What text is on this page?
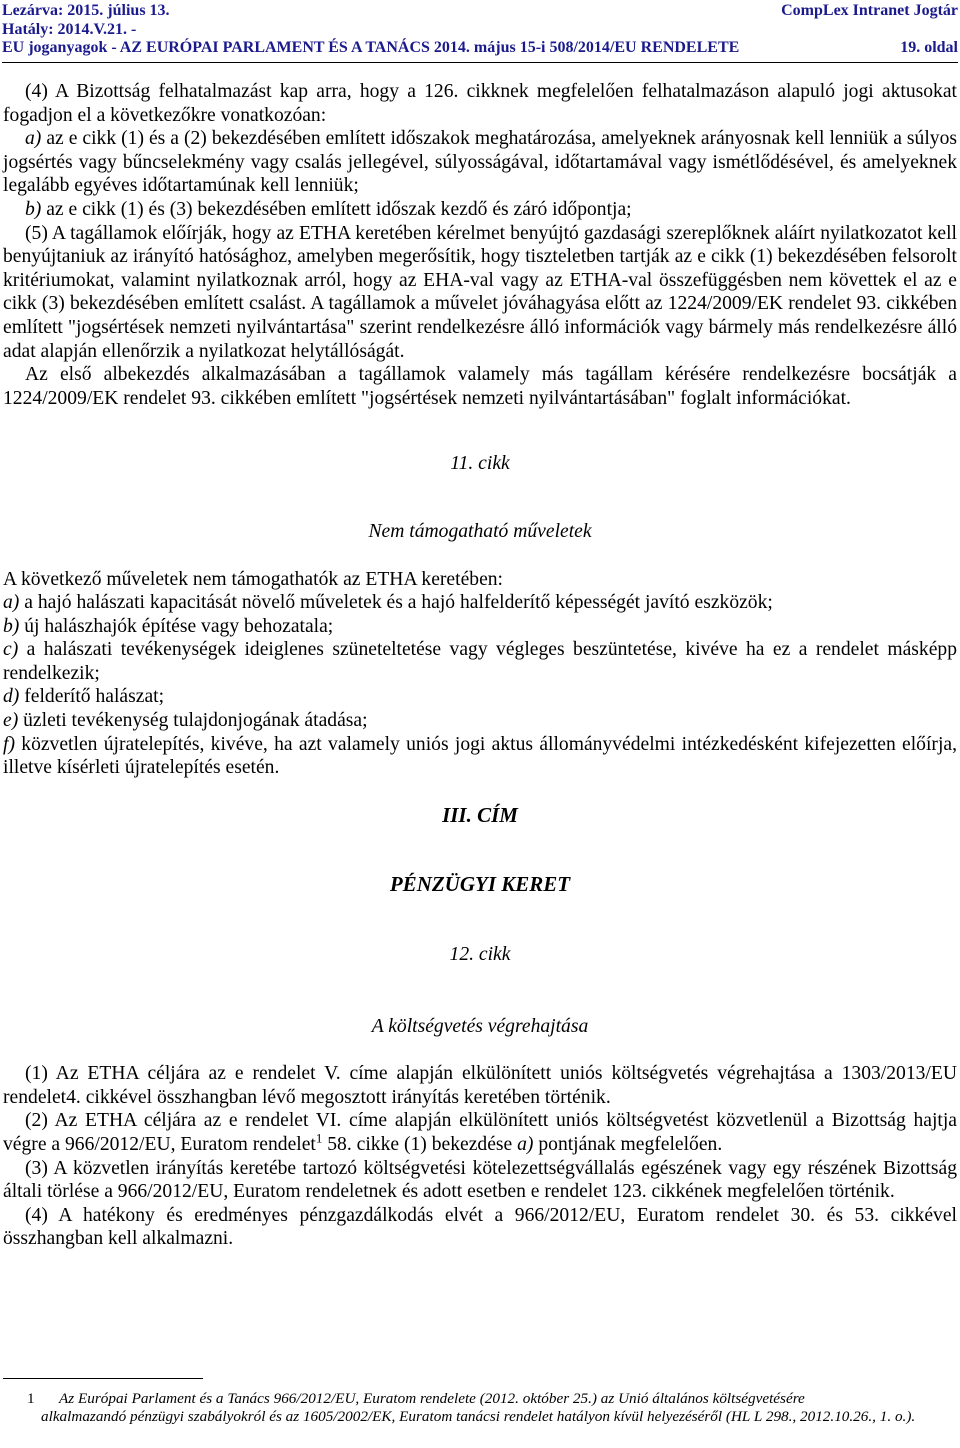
Lezárva: 2015. július 13.	CompLex Intranet Jogtár
Hatály: 2014.V.21. -
EU joganyagok - AZ EURÓPAI PARLAMENT ÉS A TANÁCS 2014. május 15-i 508/2014/EU RENDELETE	19. oldal

(4) A Bizottság felhatalmazást kap arra, hogy a 126. cikknek megfelelően felhatalmazáson alapuló jogi aktusokat fogadjon el a következőkre vonatkozóan:

a) az e cikk (1) és a (2) bekezdésében említett időszakok meghatározása, amelyeknek arányosnak kell lenniük a súlyos jogsértés vagy bűncselekmény vagy csalás jellegével, súlyosságával, időtartamával vagy ismétlődésével, és amelyeknek legalább egyéves időtartamúnak kell lenniük;

b) az e cikk (1) és (3) bekezdésében említett időszak kezdő és záró időpontja;

(5) A tagállamok előírják, hogy az ETHA keretében kérelmet benyújtó gazdasági szereplőknek aláírt nyilatkozatot kell benyújtaniuk az irányító hatósághoz, amelyben megerősítik, hogy tiszteletben tartják az e cikk (1) bekezdésében felsorolt kritériumokat, valamint nyilatkoznak arról, hogy az EHA-val vagy az ETHA-val összefüggésben nem követtek el az e cikk (3) bekezdésében említett csalást. A tagállamok a művelet jóváhagyása előtt az 1224/2009/EK rendelet 93. cikkében említett "jogsértések nemzeti nyilvántartása" szerint rendelkezésre álló információk vagy bármely más rendelkezésre álló adat alapján ellenőrzik a nyilatkozat helytállóságát.

Az első albekezdés alkalmazásában a tagállamok valamely más tagállam kérésére rendelkezésre bocsátják a 1224/2009/EK rendelet 93. cikkében említett "jogsértések nemzeti nyilvántartásában" foglalt információkat.

11. cikk

Nem támogatható műveletek

A következő műveletek nem támogathatók az ETHA keretében:

a) a hajó halászati kapacitását növelő műveletek és a hajó halfelderítő képességét javító eszközök;

b) új halászhajók építése vagy behozatala;

c) a halászati tevékenységek ideiglenes szüneteltetése vagy végleges beszüntetése, kivéve ha ez a rendelet másképp rendelkezik;

d) felderítő halászat;

e) üzleti tevékenység tulajdonjogának átadása;

f) közvetlen újratelepítés, kivéve, ha azt valamely uniós jogi aktus állományvédelmi intézkedésként kifejezetten előírja, illetve kísérleti újratelepítés esetén.

III. CÍM

PÉNZÜGYI KERET

12. cikk

A költségvetés végrehajtása

(1) Az ETHA céljára az e rendelet V. címe alapján elkülönített uniós költségvetés végrehajtása a 1303/2013/EU rendelet4. cikkével összhangban lévő megosztott irányítás keretében történik.

(2) Az ETHA céljára az e rendelet VI. címe alapján elkülönített uniós költségvetést közvetlenül a Bizottság hajtja végre a 966/2012/EU, Euratom rendelet$^1$ 58. cikke (1) bekezdése a) pontjának megfelelően.

(3) A közvetlen irányítás keretébe tartozó költségvetési kötelezettségvállalás egészének vagy egy részének Bizottság általi törlése a 966/2012/EU, Euratom rendeletnek és adott esetben e rendelet 123. cikkének megfelelően történik.

(4) A hatékony és eredményes pénzgazdálkodás elvét a 966/2012/EU, Euratom rendelet 30. és 53. cikkével összhangban kell alkalmazni.

1 Az Európai Parlament és a Tanács 966/2012/EU, Euratom rendelete (2012. október 25.) az Unió általános költségvetésére
alkalmazandó pénzügyi szabályokról és az 1605/2002/EK, Euratom tanácsi rendelet hatályon kívül helyezéséről (HL L 298., 2012.10.26., 1. o.).
